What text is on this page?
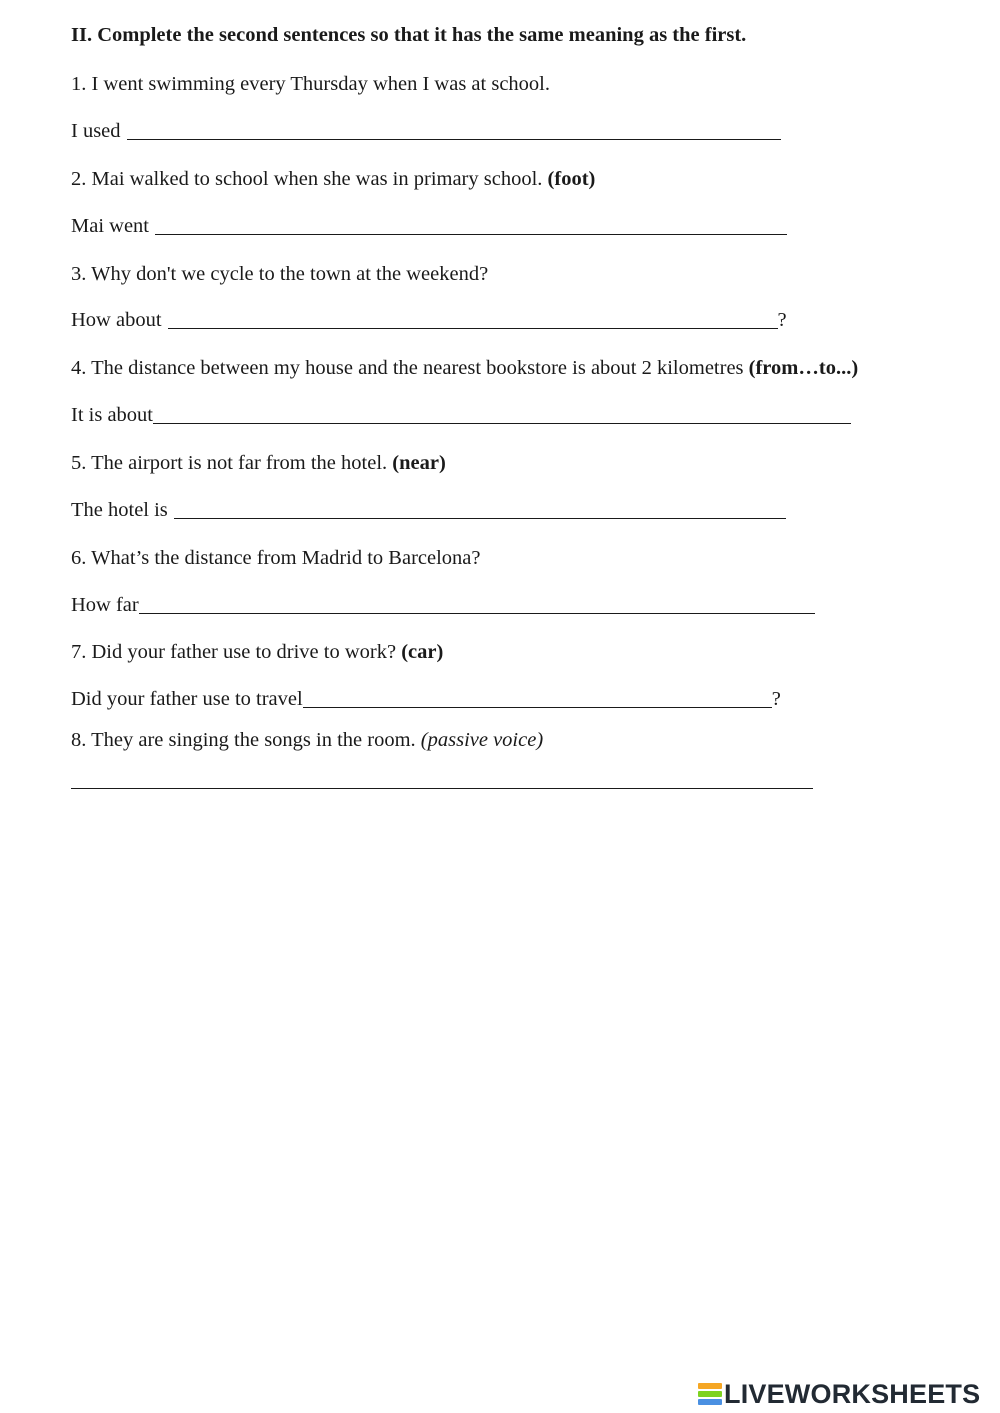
II. Complete the second sentences so that it has the same meaning as the first.
1. I went swimming every Thursday when I was at school.
I used
2. Mai walked to school when she was in primary school. (foot)
Mai went
3. Why don't we cycle to the town at the weekend?
How about	?
4. The distance between my house and the nearest bookstore is about 2 kilometres (from…to...)
It is about
5. The airport is not far from the hotel. (near)
The hotel is
6. What’s the distance from Madrid to Barcelona?
How far
7. Did your father use to drive to work? (car)
Did your father use to travel	?
8. They are singing the songs in the room. (passive voice)
LIVEWORKSHEETS
